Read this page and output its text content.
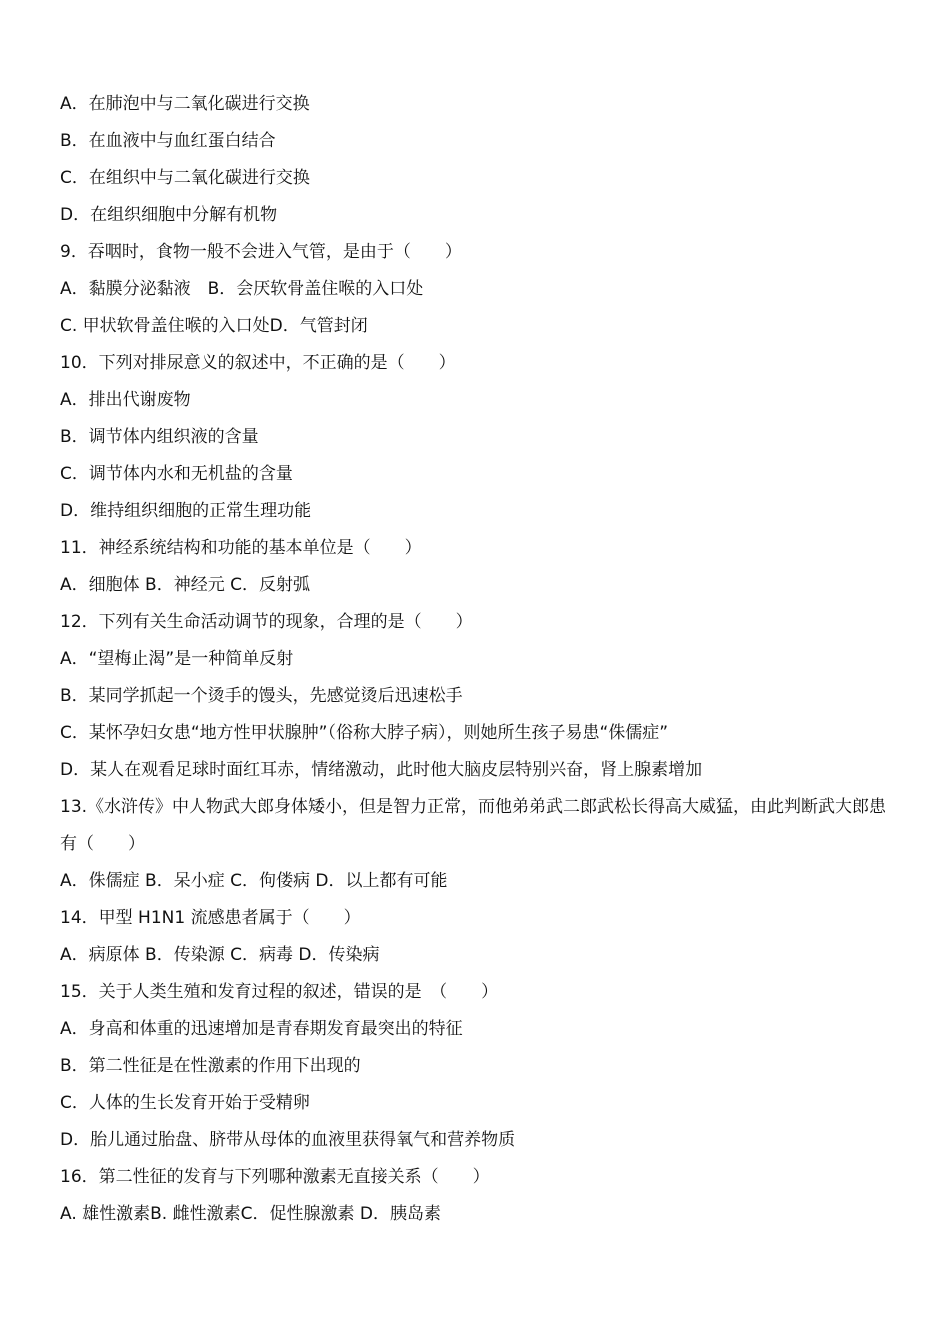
A．在肺泡中与二氧化碳进行交换
B．在血液中与血红蛋白结合
C．在组织中与二氧化碳进行交换
D．在组织细胞中分解有机物
9．吞咽时，食物一般不会进入气管，是由于（　　）
A．黏膜分泌黏液　B．会厌软骨盖住喉的入口处
C. 甲状软骨盖住喉的入口处D．气管封闭
10．下列对排尿意义的叙述中，不正确的是（　　）
A．排出代谢废物
B．调节体内组织液的含量
C．调节体内水和无机盐的含量
D．维持组织细胞的正常生理功能
11．神经系统结构和功能的基本单位是（　　）
A．细胞体 B．神经元 C．反射弧
12．下列有关生命活动调节的现象，合理的是（　　）
A．“望梅止渴”是一种简单反射
B．某同学抓起一个烫手的馒头，先感觉烫后迅速松手
C．某怀孕妇女患“地方性甲状腺肿”（俗称大脖子病），则她所生孩子易患“侏儒症”
D．某人在观看足球时面红耳赤，情绪激动，此时他大脑皮层特别兴奋，肾上腺素增加
13.《水浒传》中人物武大郎身体矮小，但是智力正常，而他弟弟武二郎武松长得高大威猛，由此判断武大郎患有（　　）
A．侏儒症 B．呆小症 C．佝偻病 D．以上都有可能
14．甲型 H1N1 流感患者属于（　　）
A．病原体 B．传染源 C．病毒 D．传染病
15．关于人类生殖和发育过程的叙述，错误的是　（　　）
A．身高和体重的迅速增加是青春期发育最突出的特征
B．第二性征是在性激素的作用下出现的
C．人体的生长发育开始于受精卵
D．胎儿通过胎盘、脐带从母体的血液里获得氧气和营养物质
16．第二性征的发育与下列哪种激素无直接关系（　　）
A. 雄性激素B. 雌性激素C．促性腺激素 D．胰岛素
